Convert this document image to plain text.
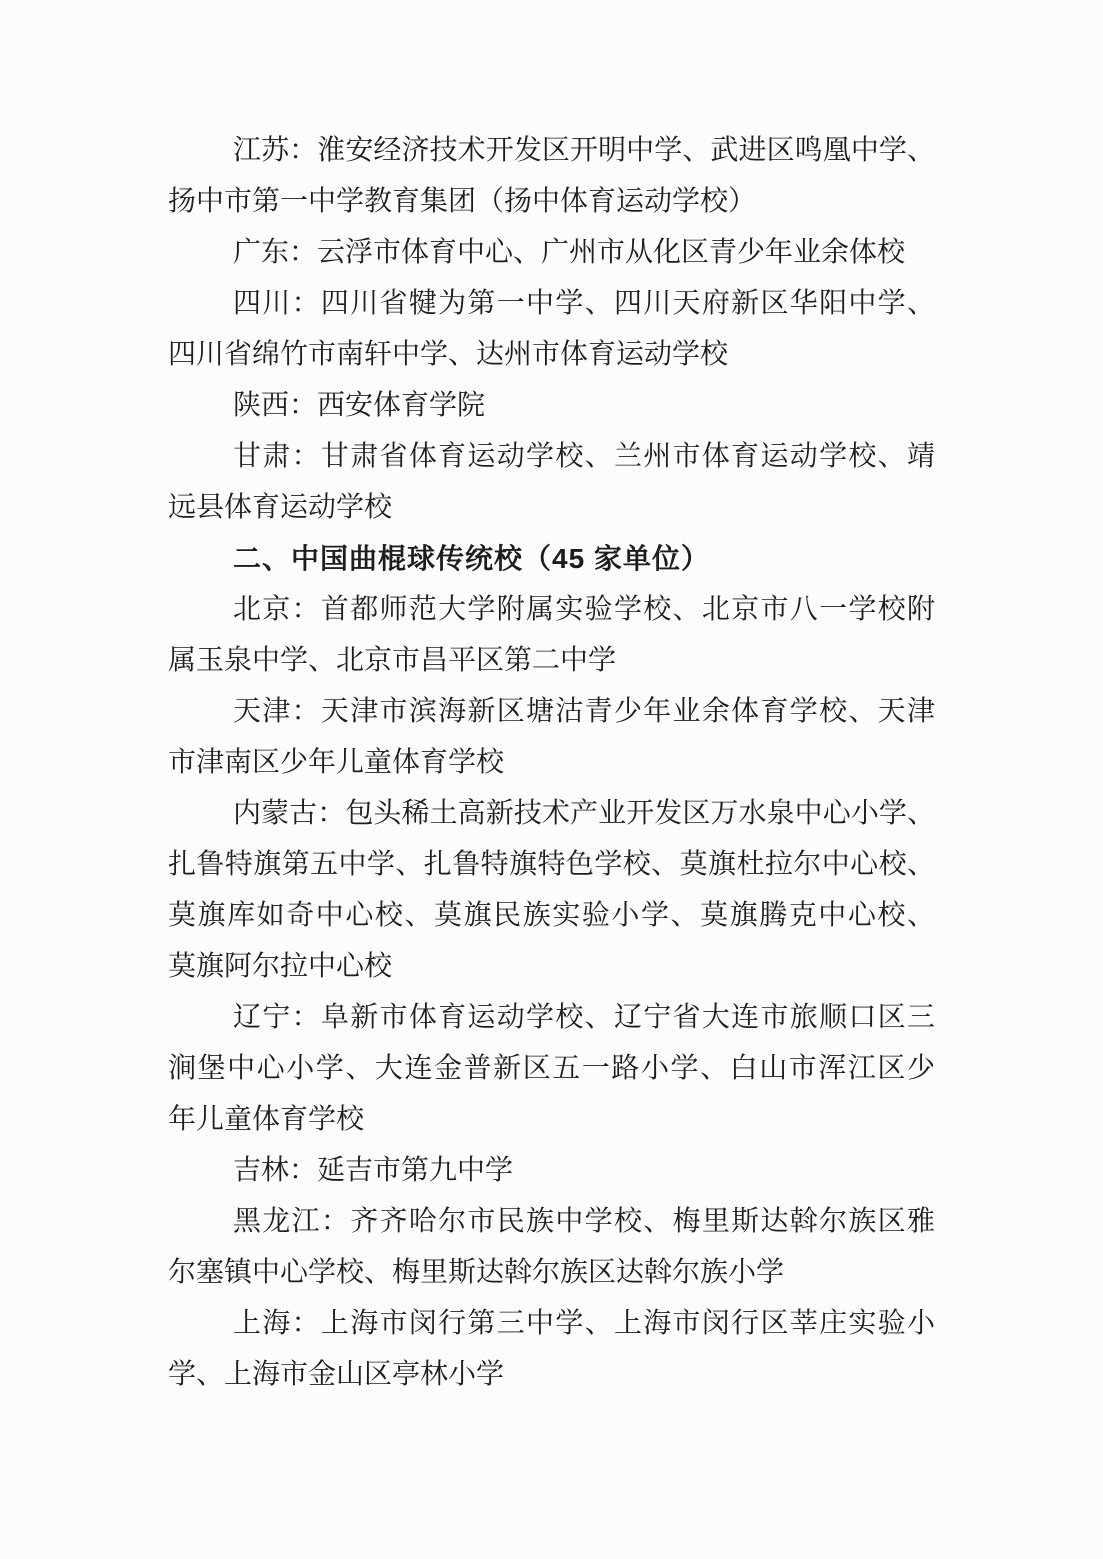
江苏：淮安经济技术开发区开明中学、武进区鸣凰中学、
扬中市第一中学教育集团（扬中体育运动学校）
广东：云浮市体育中心、广州市从化区青少年业余体校
四川：四川省犍为第一中学、四川天府新区华阳中学、
四川省绵竹市南轩中学、达州市体育运动学校
陕西：西安体育学院
甘肃：甘肃省体育运动学校、兰州市体育运动学校、靖
远县体育运动学校
二、中国曲棍球传统校（45 家单位）
北京：首都师范大学附属实验学校、北京市八一学校附
属玉泉中学、北京市昌平区第二中学
天津：天津市滨海新区塘沽青少年业余体育学校、天津
市津南区少年儿童体育学校
内蒙古：包头稀土高新技术产业开发区万水泉中心小学、
扎鲁特旗第五中学、扎鲁特旗特色学校、莫旗杜拉尔中心校、
莫旗库如奇中心校、莫旗民族实验小学、莫旗腾克中心校、
莫旗阿尔拉中心校
辽宁：阜新市体育运动学校、辽宁省大连市旅顺口区三
涧堡中心小学、大连金普新区五一路小学、白山市浑江区少
年儿童体育学校
吉林：延吉市第九中学
黑龙江：齐齐哈尔市民族中学校、梅里斯达斡尔族区雅
尔塞镇中心学校、梅里斯达斡尔族区达斡尔族小学
上海：上海市闵行第三中学、上海市闵行区莘庄实验小
学、上海市金山区亭林小学
